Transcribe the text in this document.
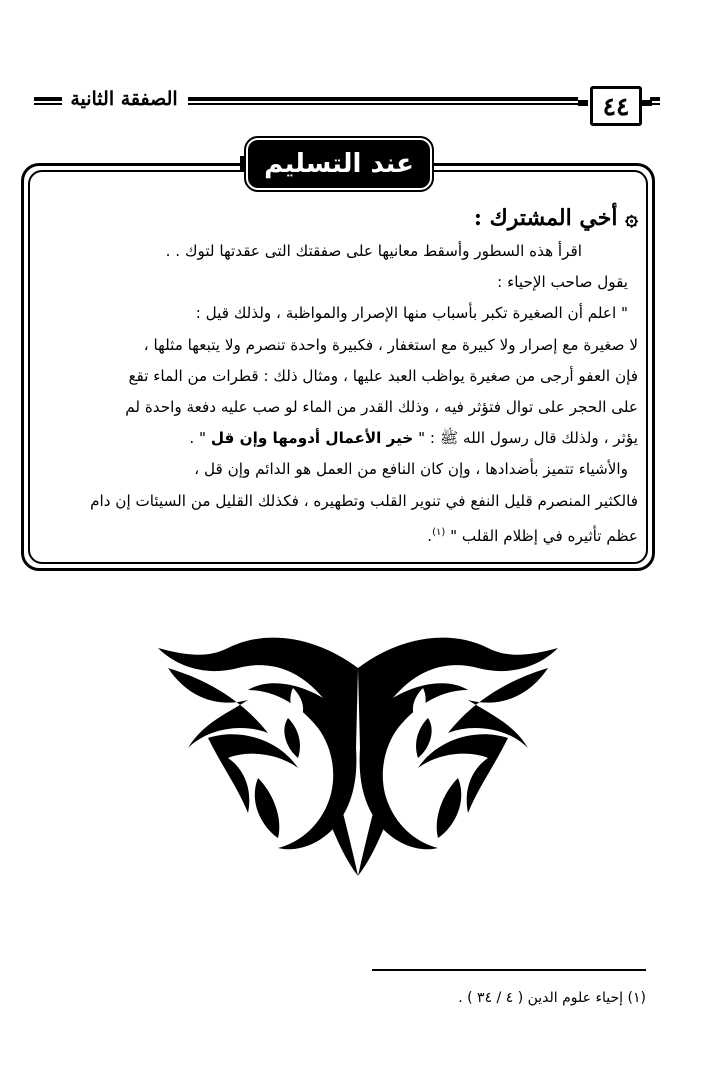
٤٤
الصفقة الثانية
عند التسليم

۞ أخي المشترك :

اقرأ هذه السطور وأسقط معانيها على صفقتك التى عقدتها لتوك . .

يقول صاحب الإحياء :

" اعلم أن الصغيرة تكبر بأسباب منها الإصرار والمواظبة ، ولذلك قيل :

لا صغيرة مع إصرار ولا كبيرة مع استغفار ، فكبيرة واحدة تنصرم ولا يتبعها مثلها ،

فإن العفو أرجى من صغيرة يواظب العبد عليها ، ومثال ذلك : قطرات من الماء تقع

على الحجر على توال فتؤثر فيه ، وذلك القدر من الماء لو صب عليه دفعة واحدة لم

يؤثر ، ولذلك قال رسول الله ﷺ : " خير الأعمال أدومها وإن قل " .

والأشياء تتميز بأضدادها ، وإن كان النافع من العمل هو الدائم وإن قل ،

فالكثير المنصرم قليل النفع في تنوير القلب وتطهيره ، فكذلك القليل من السيئات إن دام

عظم تأثيره في إظلام القلب " $^{(١)}$.

(١) إحياء علوم الدين ( ٤ / ٣٤ ) .
